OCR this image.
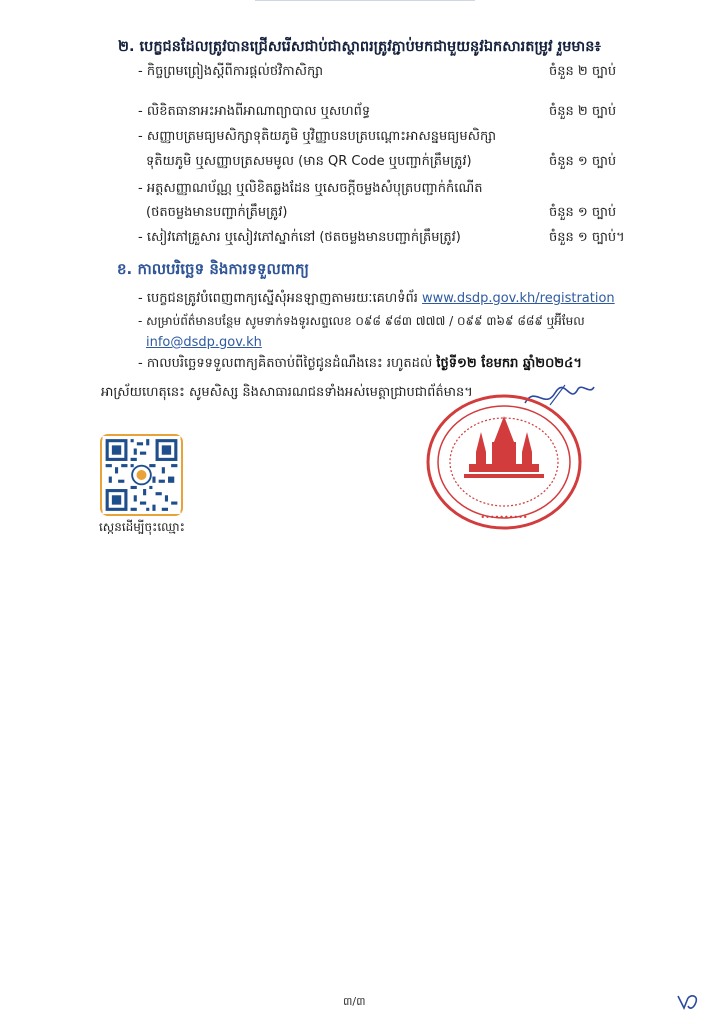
២. បេក្ខជនដែលត្រូវបានជ្រើសរើសជាប់ជាស្ថាពរត្រូវភ្ជាប់មកជាមួយនូវឯកសារតម្រូវ រួមមាន៖
- កិច្ចព្រមព្រៀងស្តីពីការផ្តល់ថវិកាសិក្សា	ចំនួន ២ ច្បាប់
- លិខិតធានាអះអាងពីអាណាព្យាបាល ឬសហព័ទ្ធ	ចំនួន ២ ច្បាប់
- សញ្ញាបត្រមធ្យមសិក្សាទុតិយភូមិ ឬវិញ្ញាបនបត្របណ្តោះអាសន្នមធ្យមសិក្សា
ទុតិយភូមិ ឬសញ្ញាបត្រសមមូល (មាន QR Code ឬបញ្ជាក់ត្រឹមត្រូវ)	ចំនួន ១ ច្បាប់
- អត្តសញ្ញាណប័ណ្ណ ឬលិខិតឆ្លងដែន ឬសេចក្តីចម្លងសំបុត្របញ្ជាក់កំណើត
(ថតចម្លងមានបញ្ជាក់ត្រឹមត្រូវ)	ចំនួន ១ ច្បាប់
- សៀវភៅគ្រួសារ ឬសៀវភៅស្នាក់នៅ (ថតចម្លងមានបញ្ជាក់ត្រឹមត្រូវ)	ចំនួន ១ ច្បាប់។
ខ. កាលបរិច្ឆេទ និងការទទួលពាក្យ
- បេក្ខជនត្រូវបំពេញពាក្យស្នើសុំអនឡាញតាមរយៈគេហទំព័រ www.dsdp.gov.kh/registration
- សម្រាប់ព័ត៌មានបន្ថែម សូមទាក់ទងទូរសព្ទលេខ ០៩៨ ៩៨៣ ៧៧៧ / ០៩៩ ៣៦៩ ៨៨៩ ឬអ៊ីមែល
info@dsdp.gov.kh
- កាលបរិច្ឆេទទទួលពាក្យគិតចាប់ពីថ្ងៃជូនដំណឹងនេះ រហូតដល់ ថ្ងៃទី១២ ខែមករា ឆ្នាំ២០២៤។
អាស្រ័យហេតុនេះ សូមសិស្ស និងសាធារណជនទាំងអស់មេត្តាជ្រាបជាព័ត៌មាន។
••••••••••
ស្កេនដើម្បីចុះឈ្មោះ
៣/៣
